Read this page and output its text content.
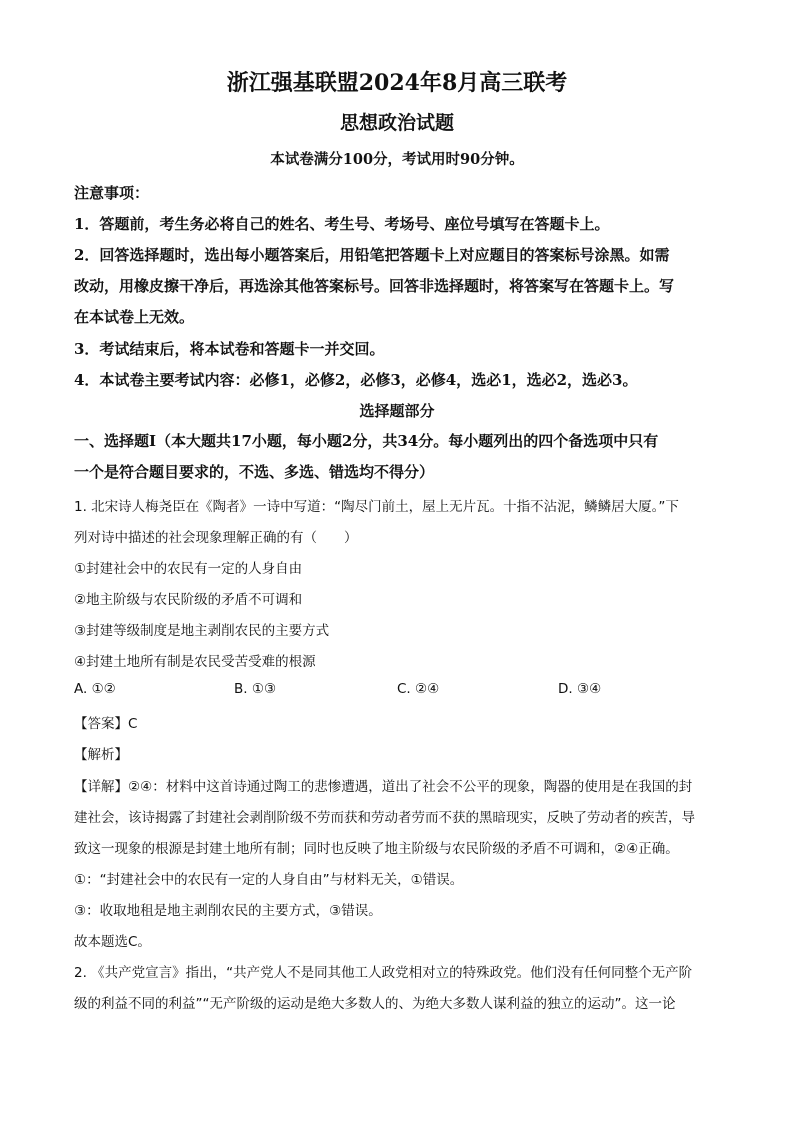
浙江强基联盟2024年8月高三联考
思想政治试题
本试卷满分100分，考试用时90分钟。
注意事项：
1．答题前，考生务必将自己的姓名、考生号、考场号、座位号填写在答题卡上。
2．回答选择题时，选出每小题答案后，用铅笔把答题卡上对应题目的答案标号涂黑。如需
改动，用橡皮擦干净后，再选涂其他答案标号。回答非选择题时，将答案写在答题卡上。写
在本试卷上无效。
3．考试结束后，将本试卷和答题卡一并交回。
4．本试卷主要考试内容：必修1，必修2，必修3，必修4，选必1，选必2，选必3。
选择题部分
一、选择题Ⅰ（本大题共17小题，每小题2分，共34分。每小题列出的四个备选项中只有
一个是符合题目要求的，不选、多选、错选均不得分）
1. 北宋诗人梅尧臣在《陶者》一诗中写道：“陶尽门前土，屋上无片瓦。十指不沾泥，鳞鳞居大厦。”下
列对诗中描述的社会现象理解正确的有（　　）
①封建社会中的农民有一定的人身自由
②地主阶级与农民阶级的矛盾不可调和
③封建等级制度是地主剥削农民的主要方式
④封建土地所有制是农民受苦受难的根源
A. ①②	B. ①③	C. ②④	D. ③④
【答案】C
【解析】
【详解】②④：材料中这首诗通过陶工的悲惨遭遇，道出了社会不公平的现象，陶器的使用是在我国的封
建社会，该诗揭露了封建社会剥削阶级不劳而获和劳动者劳而不获的黑暗现实，反映了劳动者的疾苦，导
致这一现象的根源是封建土地所有制；同时也反映了地主阶级与农民阶级的矛盾不可调和，②④正确。
①：“封建社会中的农民有一定的人身自由”与材料无关，①错误。
③：收取地租是地主剥削农民的主要方式，③错误。
故本题选C。
2. 《共产党宣言》指出，“共产党人不是同其他工人政党相对立的特殊政党。他们没有任何同整个无产阶
级的利益不同的利益”“无产阶级的运动是绝大多数人的、为绝大多数人谋利益的独立的运动”。这一论
